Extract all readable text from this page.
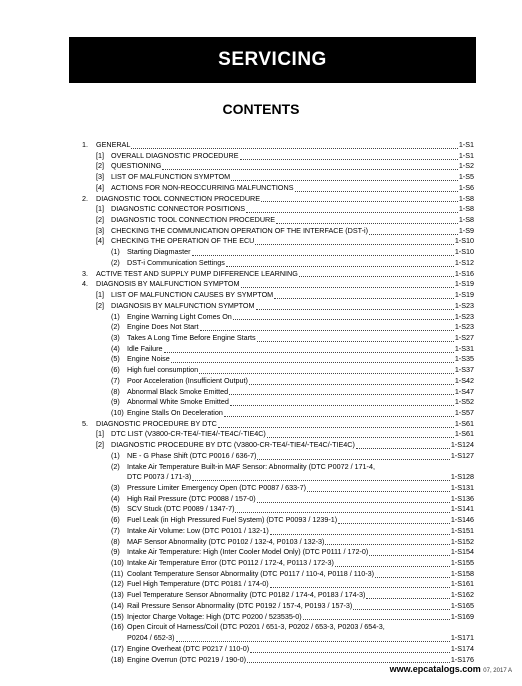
SERVICING
CONTENTS
1.	GENERAL	1-S1
[1] OVERALL DIAGNOSTIC PROCEDURE	1-S1
[2] QUESTIONING	1-S2
[3] LIST OF MALFUNCTION SYMPTOM	1-S5
[4] ACTIONS FOR NON-REOCCURRING MALFUNCTIONS	1-S6
2.	DIAGNOSTIC TOOL CONNECTION PROCEDURE	1-S8
[1] DIAGNOSTIC CONNECTOR POSITIONS	1-S8
[2] DIAGNOSTIC TOOL CONNECTION PROCEDURE	1-S8
[3] CHECKING THE COMMUNICATION OPERATION OF THE INTERFACE (DST-i)	1-S9
[4] CHECKING THE OPERATION OF THE ECU	1-S10
(1)	Starting Diagmaster	1-S10
(2)	DST-i Communication Settings	1-S12
3.	ACTIVE TEST AND SUPPLY PUMP DIFFERENCE LEARNING	1-S16
4.	DIAGNOSIS BY MALFUNCTION SYMPTOM	1-S19
[1] LIST OF MALFUNCTION CAUSES BY SYMPTOM	1-S19
[2] DIAGNOSIS BY MALFUNCTION SYMPTOM	1-S23
(1)	Engine Warning Light Comes On	1-S23
(2)	Engine Does Not Start	1-S23
(3)	Takes A Long Time Before Engine Starts	1-S27
(4)	Idle Failure	1-S31
(5)	Engine Noise	1-S35
(6)	High fuel consumption	1-S37
(7)	Poor Acceleration (Insufficient Output)	1-S42
(8)	Abnormal Black Smoke Emitted	1-S47
(9)	Abnormal White Smoke Emitted	1-S52
(10) Engine Stalls On Deceleration	1-S57
5.	DIAGNOSTIC PROCEDURE BY DTC	1-S61
[1] DTC LIST (V3800-CR-TE4/-TIE4/-TE4C/-TIE4C)	1-S61
[2] DIAGNOSTIC PROCEDURE BY DTC (V3800-CR-TE4/-TIE4/-TE4C/-TIE4C)	1-S124
(1)	NE - G Phase Shift (DTC P0016 / 636-7)	1-S127
(2)	Intake Air Temperature Built-in MAF Sensor: Abnormality (DTC P0072 / 171-4,
DTC P0073 / 171-3)	1-S128
(3)	Pressure Limiter Emergency Open (DTC P0087 / 633-7)	1-S131
(4)	High Rail Pressure (DTC P0088 / 157-0)	1-S136
(5)	SCV Stuck (DTC P0089 / 1347-7)	1-S141
(6)	Fuel Leak (in High Pressured Fuel System) (DTC P0093 / 1239-1)	1-S146
(7)	Intake Air Volume: Low (DTC P0101 / 132-1)	1-S151
(8)	MAF Sensor Abnormality (DTC P0102 / 132-4, P0103 / 132-3)	1-S152
(9)	Intake Air Temperature: High (Inter Cooler Model Only) (DTC P0111 / 172-0)	1-S154
(10) Intake Air Temperature Error (DTC P0112 / 172-4, P0113 / 172-3)	1-S155
(11) Coolant Temperature Sensor Abnormality (DTC P0117 / 110-4, P0118 / 110-3)	1-S158
(12) Fuel High Temperature (DTC P0181 / 174-0)	1-S161
(13) Fuel Temperature Sensor Abnormality (DTC P0182 / 174-4, P0183 / 174-3)	1-S162
(14) Rail Pressure Sensor Abnormality (DTC P0192 / 157-4, P0193 / 157-3)	1-S165
(15) Injector Charge Voltage: High (DTC P0200 / 523535-0)	1-S169
(16) Open Circuit of Harness/Coil (DTC P0201 / 651-3, P0202 / 653-3, P0203 / 654-3,
P0204 / 652-3)	1-S171
(17) Engine Overheat (DTC P0217 / 110-0)	1-S174
(18) Engine Overrun (DTC P0219 / 190-0)	1-S176
www.epcatalogs.com 07, 2017 A
